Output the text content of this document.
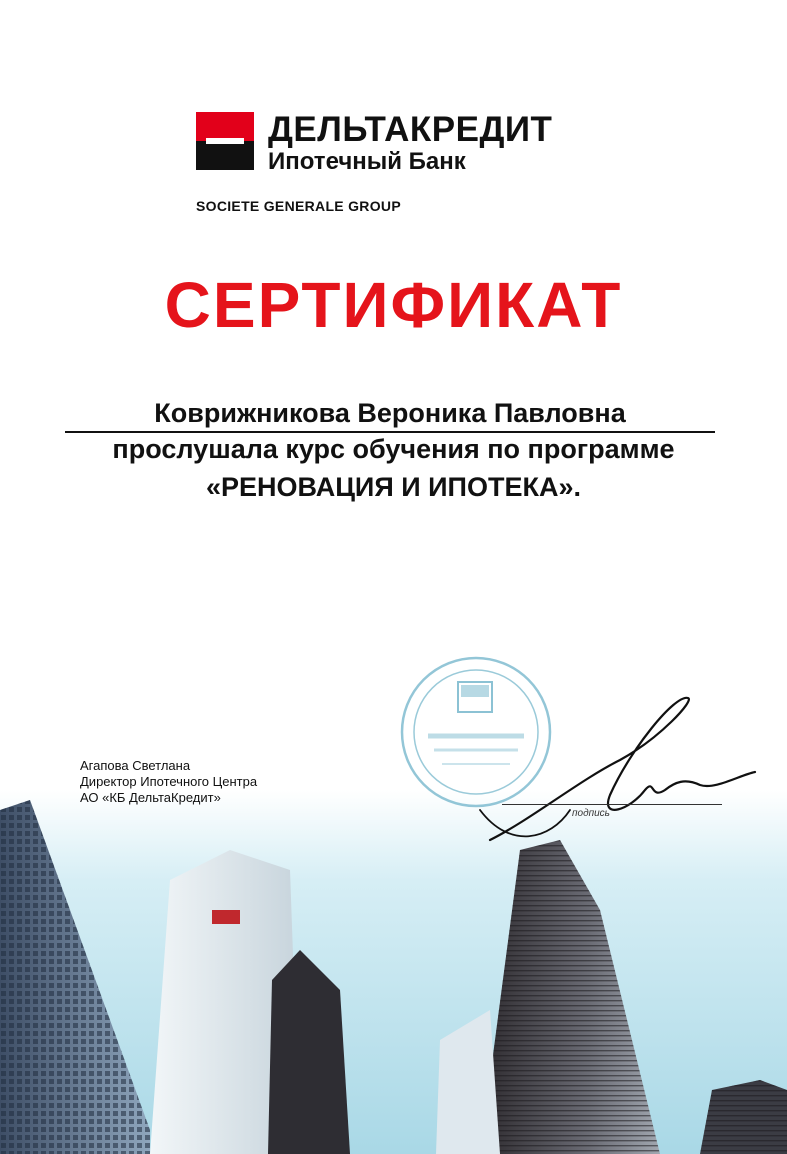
ДЕЛЬТАКРЕДИТ
Ипотечный Банк
SOCIETE GENERALE GROUP
СЕРТИФИКАТ
Коврижникова Вероника Павловна
прослушала курс обучения по программе
«РЕНОВАЦИЯ И ИПОТЕКА».
Агапова Светлана
Директор Ипотечного Центра
АО «КБ ДельтаКредит»
подпись
